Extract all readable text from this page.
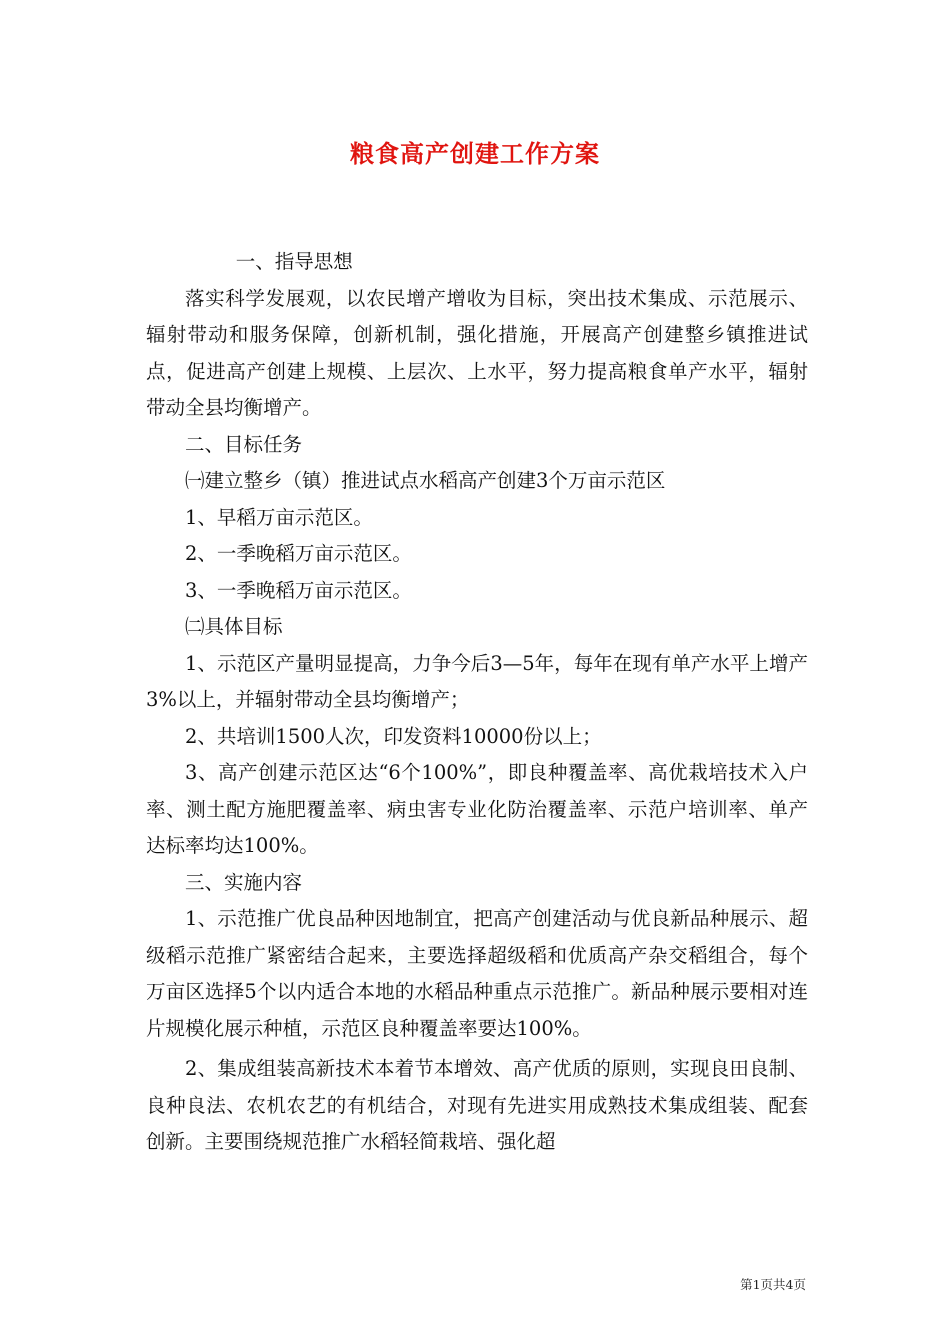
粮食高产创建工作方案

一、指导思想

落实科学发展观，以农民增产增收为目标，突出技术集成、示范展示、辐射带动和服务保障，创新机制，强化措施，开展高产创建整乡镇推进试点，促进高产创建上规模、上层次、上水平，努力提高粮食单产水平，辐射带动全县均衡增产。

二、目标任务

㈠建立整乡（镇）推进试点水稻高产创建3个万亩示范区

1、早稻万亩示范区。

2、一季晚稻万亩示范区。

3、一季晚稻万亩示范区。

㈡具体目标

1、示范区产量明显提高，力争今后3—5年，每年在现有单产水平上增产3%以上，并辐射带动全县均衡增产；

2、共培训1500人次，印发资料10000份以上；

3、高产创建示范区达“6个100%”，即良种覆盖率、高优栽培技术入户率、测土配方施肥覆盖率、病虫害专业化防治覆盖率、示范户培训率、单产达标率均达100%。

三、实施内容

1、示范推广优良品种因地制宜，把高产创建活动与优良新品种展示、超级稻示范推广紧密结合起来，主要选择超级稻和优质高产杂交稻组合，每个万亩区选择5个以内适合本地的水稻品种重点示范推广。新品种展示要相对连片规模化展示种植，示范区良种覆盖率要达100%。

2、集成组装高新技术本着节本增效、高产优质的原则，实现良田良制、良种良法、农机农艺的有机结合，对现有先进实用成熟技术集成组装、配套创新。主要围绕规范推广水稻轻简栽培、强化超

第1页共4页
